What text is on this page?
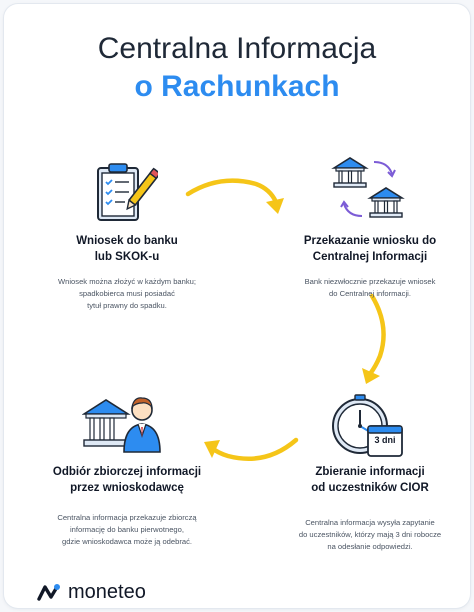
Centralna Informacja
o Rachunkach
3 dni
Wniosek do banku
lub SKOK-u

Wniosek można złożyć w każdym banku;
spadkobierca musi posiadać
tytuł prawny do spadku.

Przekazanie wniosku do
Centralnej Informacji

Bank niezwłocznie przekazuje wniosek
do Centralnej informacji.

Zbieranie informacji
od uczestników CIOR

Centralna informacja wysyła zapytanie
do uczestników, którzy mają 3 dni robocze
na odesłanie odpowiedzi.

Odbiór zbiorczej informacji
przez wnioskodawcę

Centralna informacja przekazuje zbiorczą
informację do banku pierwotnego,
gdzie wnioskodawca może ją odebrać.

moneteo
